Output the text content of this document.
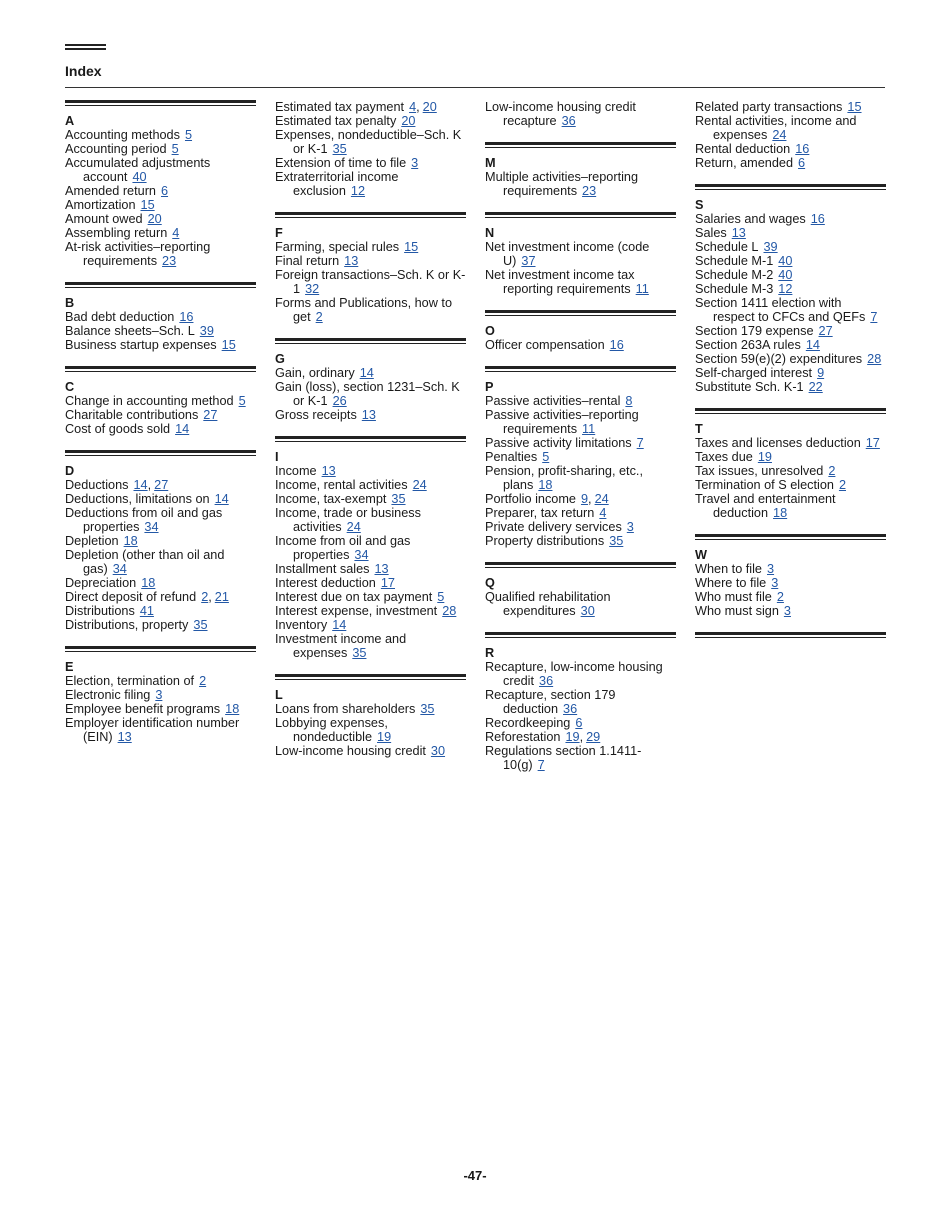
Index
A
Accounting methods 5
Accounting period 5
Accumulated adjustments account 40
Amended return 6
Amortization 15
Amount owed 20
Assembling return 4
At-risk activities–reporting requirements 23
B
Bad debt deduction 16
Balance sheets–Sch. L 39
Business startup expenses 15
C
Change in accounting method 5
Charitable contributions 27
Cost of goods sold 14
D
Deductions 14, 27
Deductions, limitations on 14
Deductions from oil and gas properties 34
Depletion 18
Depletion (other than oil and gas) 34
Depreciation 18
Direct deposit of refund 2, 21
Distributions 41
Distributions, property 35
E
Election, termination of 2
Electronic filing 3
Employee benefit programs 18
Employer identification number (EIN) 13
Estimated tax payment 4, 20
Estimated tax penalty 20
Expenses, nondeductible–Sch. K or K-1 35
Extension of time to file 3
Extraterritorial income exclusion 12
F
Farming, special rules 15
Final return 13
Foreign transactions–Sch. K or K-1 32
Forms and Publications, how to get 2
G
Gain, ordinary 14
Gain (loss), section 1231–Sch. K or K-1 26
Gross receipts 13
I
Income 13
Income, rental activities 24
Income, tax-exempt 35
Income, trade or business activities 24
Income from oil and gas properties 34
Installment sales 13
Interest deduction 17
Interest due on tax payment 5
Interest expense, investment 28
Inventory 14
Investment income and expenses 35
L
Loans from shareholders 35
Lobbying expenses, nondeductible 19
Low-income housing credit 30
Low-income housing credit recapture 36
M
Multiple activities–reporting requirements 23
N
Net investment income (code U) 37
Net investment income tax reporting requirements 11
O
Officer compensation 16
P
Passive activities–rental 8
Passive activities–reporting requirements 11
Passive activity limitations 7
Penalties 5
Pension, profit-sharing, etc., plans 18
Portfolio income 9, 24
Preparer, tax return 4
Private delivery services 3
Property distributions 35
Q
Qualified rehabilitation expenditures 30
R
Recapture, low-income housing credit 36
Recapture, section 179 deduction 36
Recordkeeping 6
Reforestation 19, 29
Regulations section 1.1411-10(g) 7
Related party transactions 15
Rental activities, income and expenses 24
Rental deduction 16
Return, amended 6
S
Salaries and wages 16
Sales 13
Schedule L 39
Schedule M-1 40
Schedule M-2 40
Schedule M-3 12
Section 1411 election with respect to CFCs and QEFs 7
Section 179 expense 27
Section 263A rules 14
Section 59(e)(2) expenditures 28
Self-charged interest 9
Substitute Sch. K-1 22
T
Taxes and licenses deduction 17
Taxes due 19
Tax issues, unresolved 2
Termination of S election 2
Travel and entertainment deduction 18
W
When to file 3
Where to file 3
Who must file 2
Who must sign 3
-47-
